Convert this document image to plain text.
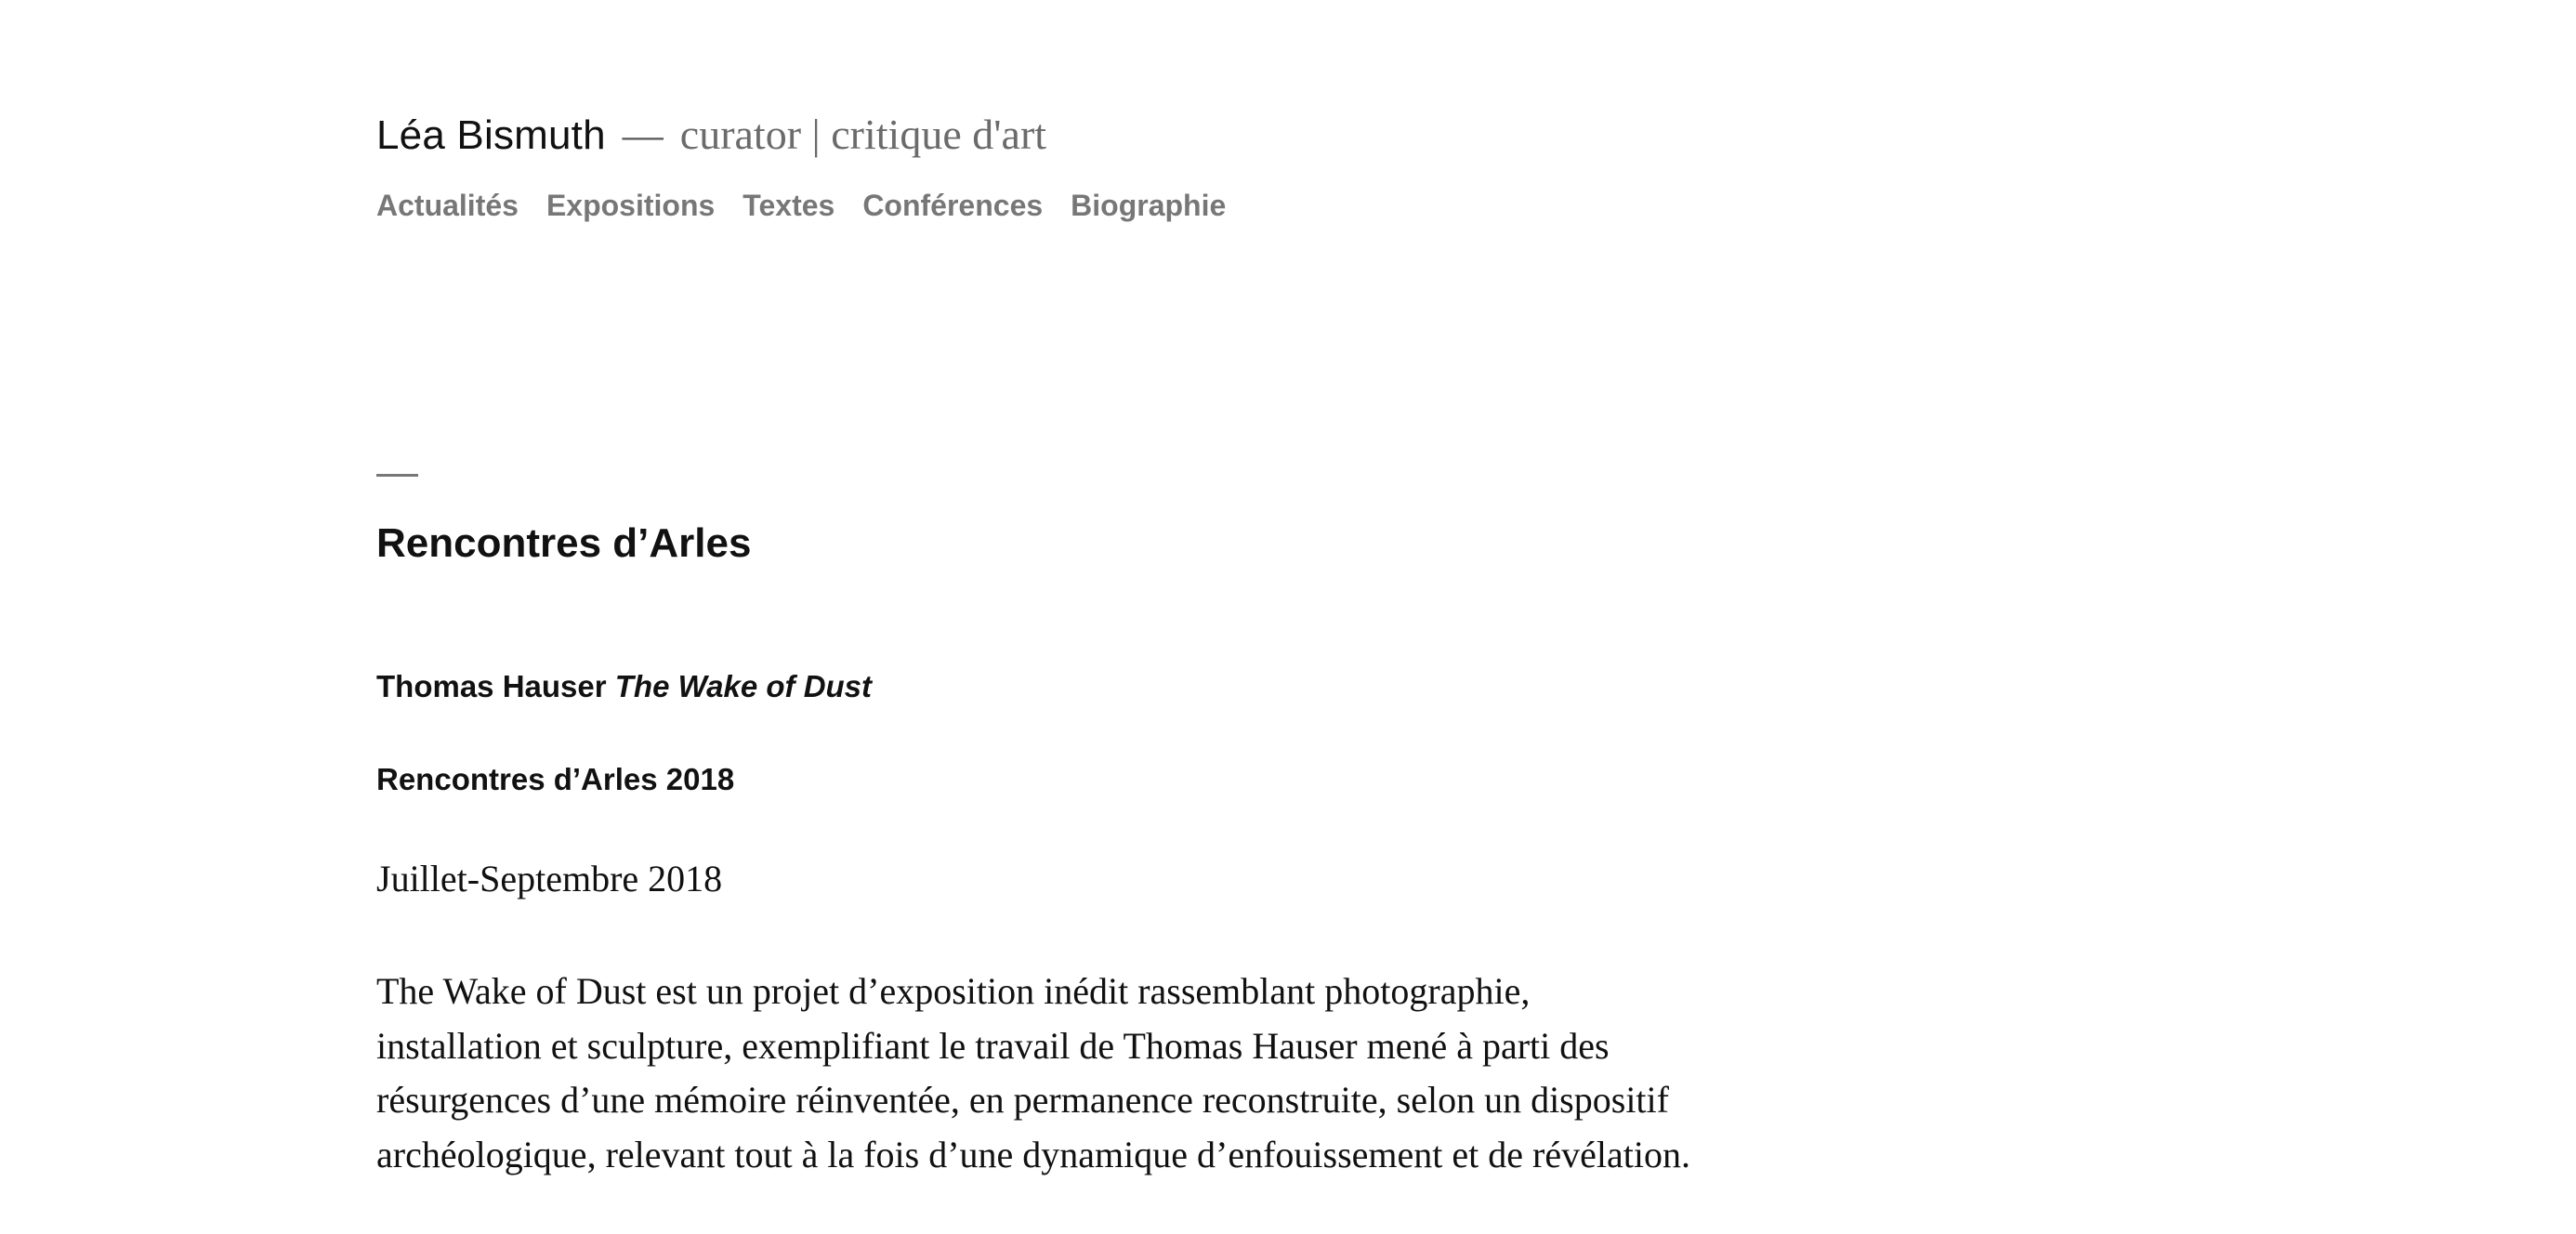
Léa Bismuth — curator | critique d'art
Actualités Expositions Textes Conférences Biographie
Rencontres d’Arles
Thomas Hauser The Wake of Dust
Rencontres d’Arles 2018

Juillet-Septembre 2018

The Wake of Dust est un projet d’exposition inédit rassemblant photographie, installation et sculpture, exemplifiant le travail de Thomas Hauser mené à parti des résurgences d’une mémoire réinventée, en permanence reconstruite, selon un dispositif archéologique, relevant tout à la fois d’une dynamique d’enfouissement et de révélation.
